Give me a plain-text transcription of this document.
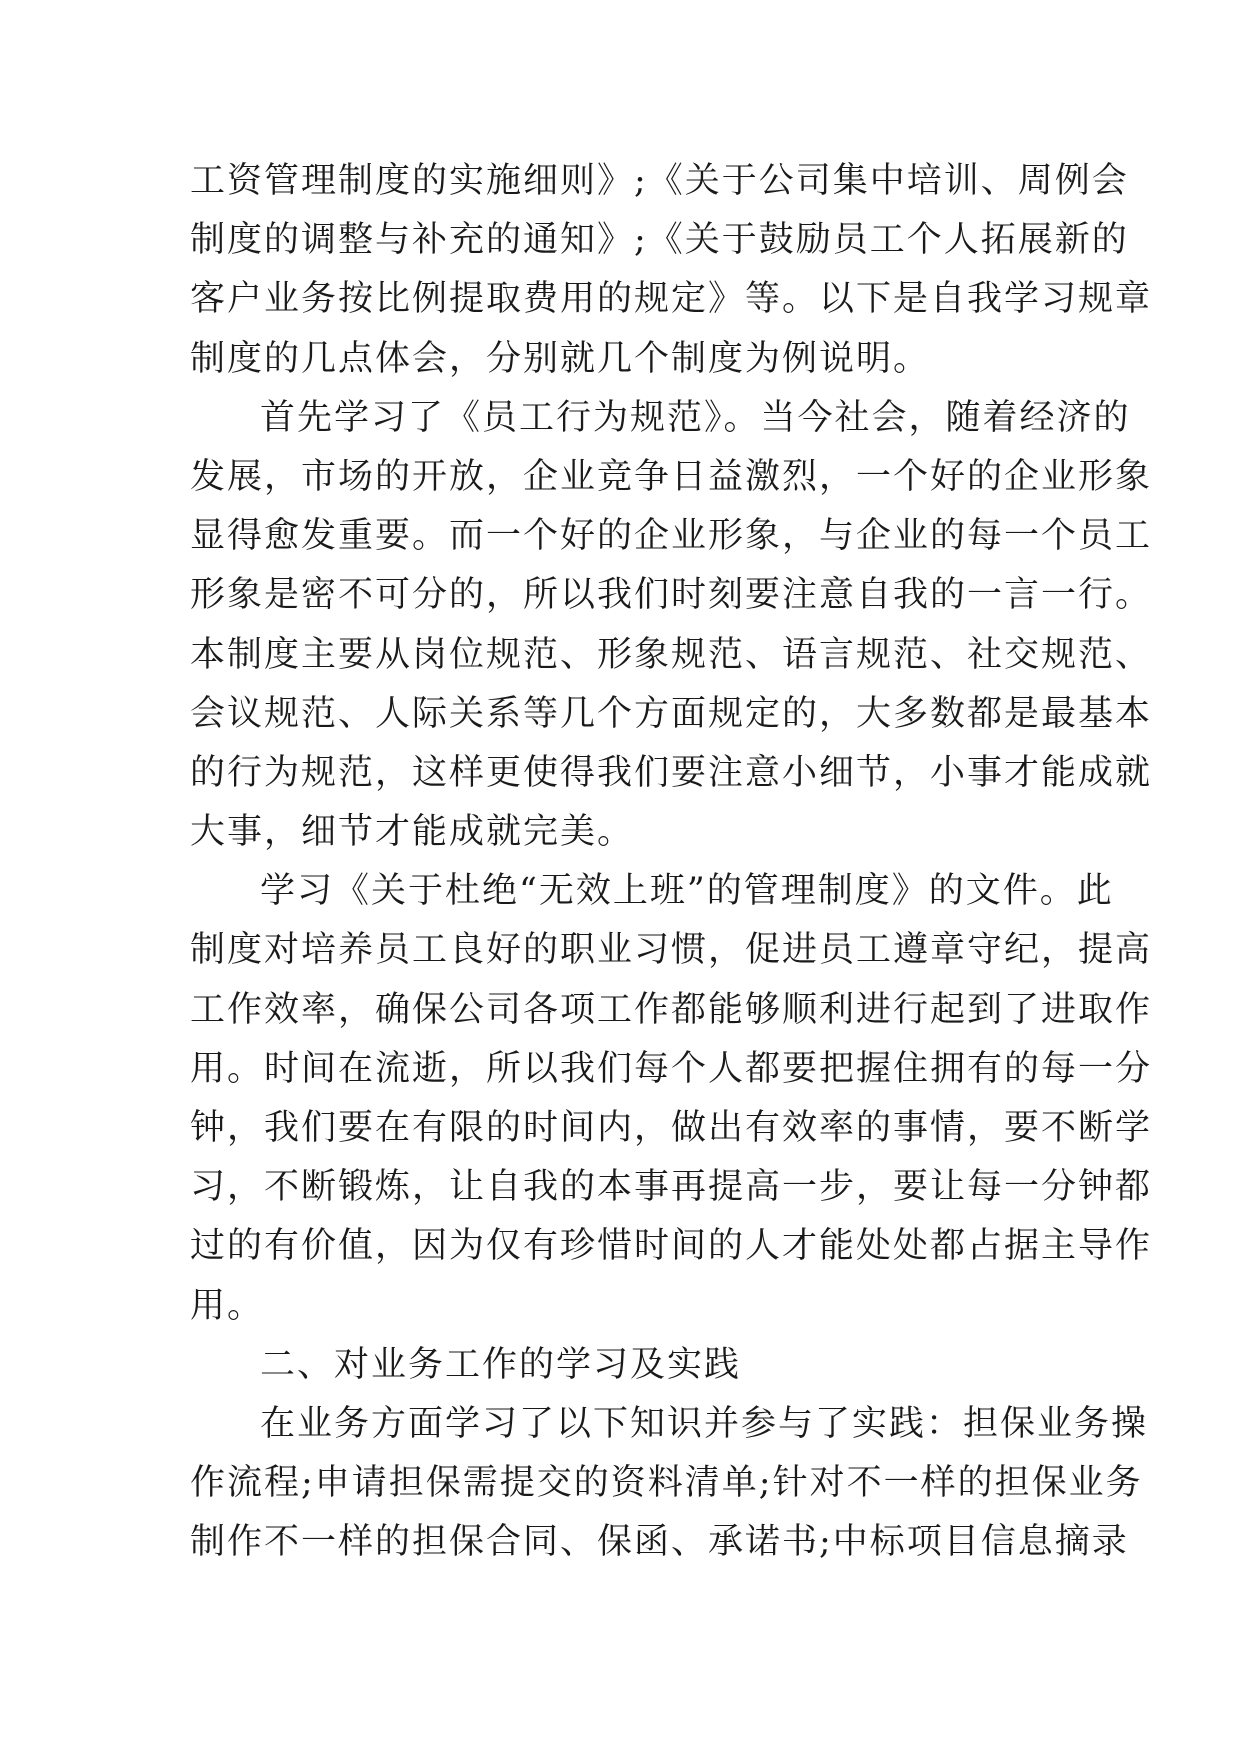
工资管理制度的实施细则》;《关于公司集中培训、周例会
制度的调整与补充的通知》;《关于鼓励员工个人拓展新的
客户业务按比例提取费用的规定》等。以下是自我学习规章
制度的几点体会，分别就几个制度为例说明。
首先学习了《员工行为规范》。当今社会，随着经济的
发展，市场的开放，企业竞争日益激烈，一个好的企业形象
显得愈发重要。而一个好的企业形象，与企业的每一个员工
形象是密不可分的，所以我们时刻要注意自我的一言一行。
本制度主要从岗位规范、形象规范、语言规范、社交规范、
会议规范、人际关系等几个方面规定的，大多数都是最基本
的行为规范，这样更使得我们要注意小细节，小事才能成就
大事，细节才能成就完美。
学习《关于杜绝“无效上班”的管理制度》的文件。此
制度对培养员工良好的职业习惯，促进员工遵章守纪，提高
工作效率，确保公司各项工作都能够顺利进行起到了进取作
用。时间在流逝，所以我们每个人都要把握住拥有的每一分
钟，我们要在有限的时间内，做出有效率的事情，要不断学
习，不断锻炼，让自我的本事再提高一步，要让每一分钟都
过的有价值，因为仅有珍惜时间的人才能处处都占据主导作
用。
二、对业务工作的学习及实践
在业务方面学习了以下知识并参与了实践：担保业务操
作流程;申请担保需提交的资料清单;针对不一样的担保业务
制作不一样的担保合同、保函、承诺书;中标项目信息摘录
